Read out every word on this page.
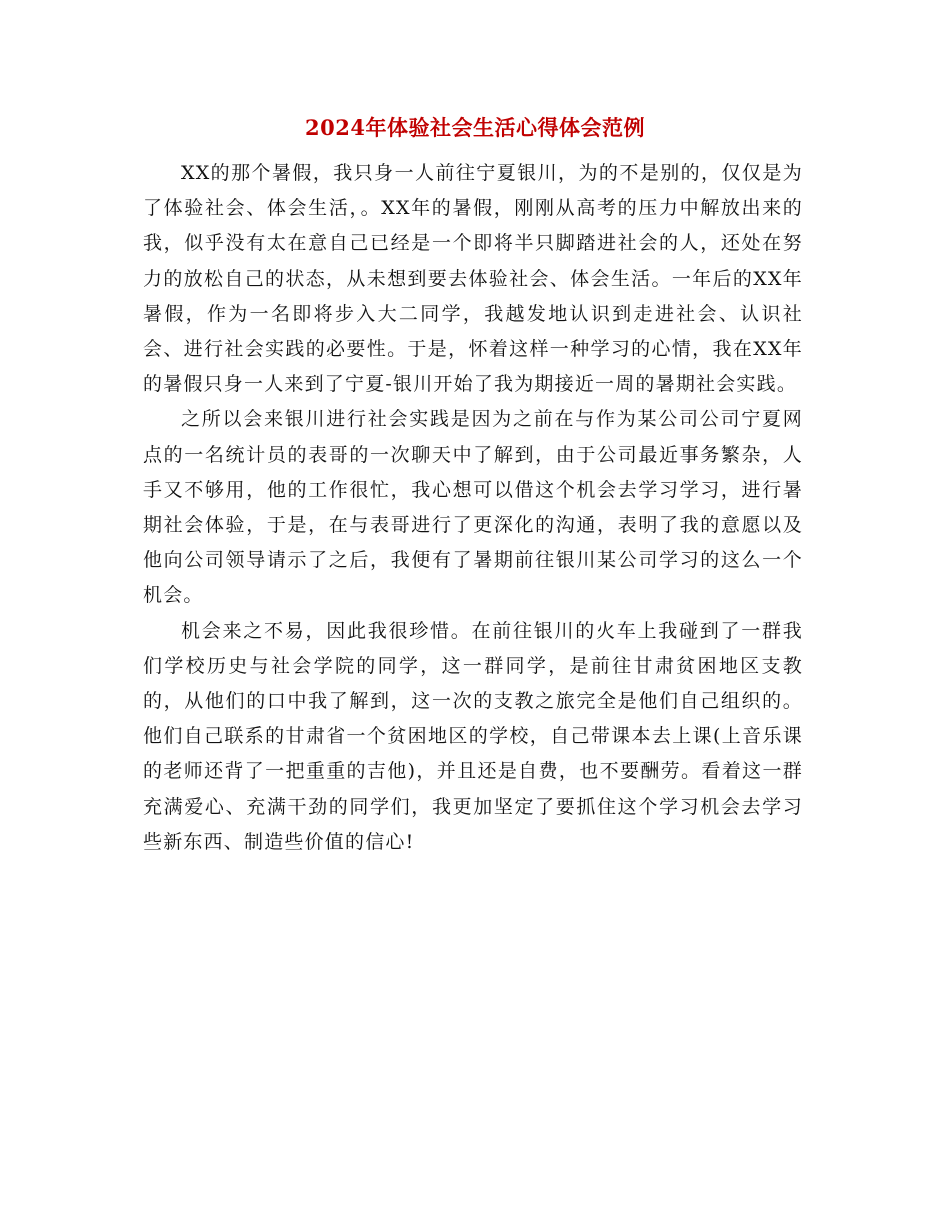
2024年体验社会生活心得体会范例

XX的那个暑假，我只身一人前往宁夏银川，为的不是别的，仅仅是为了体验社会、体会生活，。XX年的暑假，刚刚从高考的压力中解放出来的我，似乎没有太在意自己已经是一个即将半只脚踏进社会的人，还处在努力的放松自己的状态，从未想到要去体验社会、体会生活。一年后的XX年暑假，作为一名即将步入大二同学，我越发地认识到走进社会、认识社会、进行社会实践的必要性。于是，怀着这样一种学习的心情，我在XX年的暑假只身一人来到了宁夏-银川开始了我为期接近一周的暑期社会实践。

之所以会来银川进行社会实践是因为之前在与作为某公司公司宁夏网点的一名统计员的表哥的一次聊天中了解到，由于公司最近事务繁杂，人手又不够用，他的工作很忙，我心想可以借这个机会去学习学习，进行暑期社会体验，于是，在与表哥进行了更深化的沟通，表明了我的意愿以及他向公司领导请示了之后，我便有了暑期前往银川某公司学习的这么一个机会。

机会来之不易，因此我很珍惜。在前往银川的火车上我碰到了一群我们学校历史与社会学院的同学，这一群同学，是前往甘肃贫困地区支教的，从他们的口中我了解到，这一次的支教之旅完全是他们自己组织的。他们自己联系的甘肃省一个贫困地区的学校，自己带课本去上课(上音乐课的老师还背了一把重重的吉他)，并且还是自费，也不要酬劳。看着这一群充满爱心、充满干劲的同学们，我更加坚定了要抓住这个学习机会去学习些新东西、制造些价值的信心!
